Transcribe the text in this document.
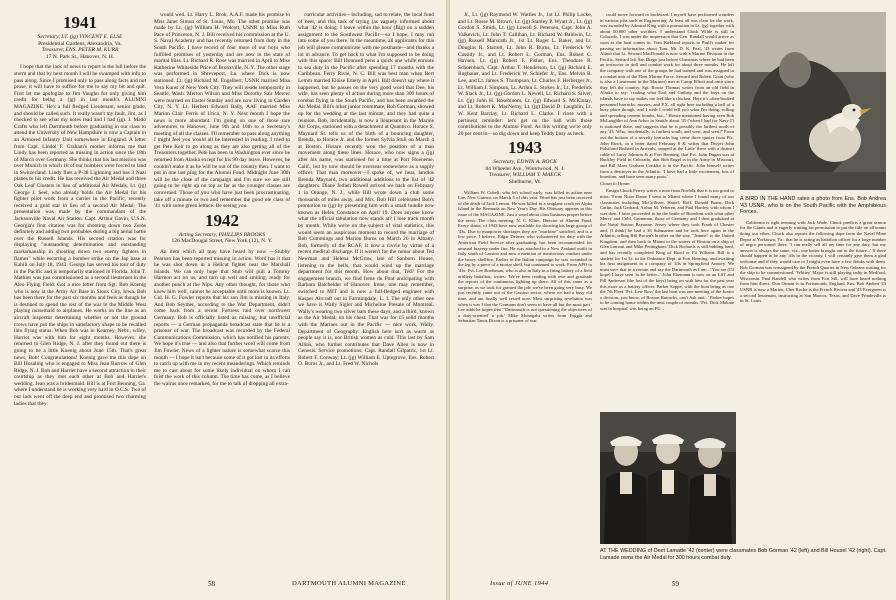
1941
Secretary, LT. (jg) VINCENT E. ELSE
Presidential Gardens, Alexandria, Va.
Treasurer, ENS. PETER M. KURR
17 N. Park St., Hanover, N. H.

I hope that the lack of news to report is the lull before the storm and that by next month I will be swamped with info to pass along. Since I promised only to pass along facts and not prose, it will have to suffice for me to say my bit and quit. First let me apologize to Jim Vaughn for only giving him credit for being a (jg) in last month's ALUMNI MAGAZINE. He's a full fledged Lieutenant, senior grade, and should be called such. It really wasn't my fault, Jim, as I checked to see what my notes read and I had (jg). J. Mado Crafts who left Dartmouth before graduating in our class to attend the University of New Hampshire is now a Captain in an Armored Infantry Unit somewhere in England. A letter from Capt. Lindol F. Graham's mother informs me that Lindy has been reported as missing in action since the 18th of March over Germany. She thinks that his last mission was over Munich in which 18 of our bombers were forced to land in Switzerland. Lindy flies a P-38 Lightning and has 3 Nazi planes to his credit. He has received the Air Medal and three Oak Leaf Clusters in lieu of additional Air Medals. Lt. (jg) George J. Seel, who already holds the Air Medal for his fighter pilot work from a carrier in the Pacific, recently received a gold star in lieu of a second Air Medal. The presentation was made by the commandant of the Jacksonville Naval Air Station. Capt. Arthur Gavin, U.S.N. Georgia's first citation was for shooting down two Zeros definitely and adding two probables during a big aerial battle over the Russell Islands. His second citation was for displaying "outstanding determination and outstanding marksmanship in shooting down two enemy fighters in flames" while escorting a bomber strike on the Jap base at Kahili on July 18, 1943. George has served his tour of duty in the Pacific and is temporarily stationed in Florida. John T. Mathies was just commissioned as a second lieutenant in the Aleo Flying Field. Got a nice letter from Sgt. Bob Koenig who is now at the Army Air Base in Sioux City, Iowa. Bob has been there for the past six months and feels as though he is destined to spend the rest of the war in the Middle West playing nursemaid to airplanes. He works on the line as an aircraft inspector determining whether or not the ground crews have put the ships in satisfactory shape to be recalled into flying status. When Bob was in Kearney, Nebr., wifey, Harriet was with him for eight months. However, she returned to Glen Ridge, N. J. after they found out there is going to be a little Koenig about June 15th. That's great news, Bob! Congratulations! Koenig gave me this dope on Bill Hosaling who is engaged to Miss Jean Burrow of Glen Ridge, N. J. Bob and Harriet have a second attraction in their courtship as they met each other at Bob and Harriet's wedding. Jean was a bridesmaid. Bill is at Fort Benning, Ga. where I understand he is working very hard in O.C.S. Two of our lads went off the deep end and promised two charming ladies that they

would wed. Lt. Harry L. Broh, A.A.F. made his promise to Miss Janet Simon of St. Louis, Mo. The other promise was made by Lt. (jg) William H. Wolcott, USNR to Miss Ruth Pace of Princeton, N. J. Bill received his commission at the U. S. Naval Academy and has recently returned from duty in the South Pacific. I have record of four more of our boys who fulfilled promises of yesterday and are now in the state of marital bliss. Lt. Richard R. Rose was married in April to Miss Katherine Whiteside Price of Bronxville, N. Y. The other stage was performed in Shreveport, La. where Dick is now stationed. Lt. (jg) Richard M. Engelbert, USNR married Miss Vera Kunst of New York City. They will reside temporarily in Seattle, Wash. Merton Wilson and Miss Dorothy Sair Mercer were married on Easter Sunday and are now living in Garden City, N. Y. Lt. Herbert Edward Bally, AAF married Miss Marion Clair Ferris of Utica, N. Y. Next month I hope the news is more abundant. I'm going on one of those rare adventures to Hanover, June 9th and 10th to a Secretary's meeting of all the classes. I'll remember to pass along anything I might feel you would all be interested in reading. I tried to get Pete Keir to go along as they are also getting all of the Treasurers together. Pete has been in Washington ever since he returned from Alaska except for his 90 day leave. However, he couldn't make it as he will be out of the country then. I want to put in one last plug for the Alumni Fund. Midnight June 30th will be the close of the campaign and I'm sure we are still going to be right up on top as far as the younger classes are concerned. Those of you who have just been procrastinating, take off a minute or two and remember the good ole class of '41 with some green lettuce. Be seeing you.

1942
Acting Secretary, PHILLIPS BROOKS
126 MacDougal Street, New York (12), N. Y.

An item which all may have heard by now —Stubby Pearson has been reported missing in action. Word has it that he was shot down in a Hellcat fighter near the Marshall Islands. We can only hope that Stub will pull a Tommy Harmon act on us, and turn up well and smiling, ready for another punch at the Nips. Any other thought, for those who knew him well, cannot be acceptable until more is known. Lt. Col. H. G. Fowler reports that his son Jim is missing in Italy. And Bob Seymer, according to the War Department, didn't come back from a recent Fortress raid over northwest Germany. Bob is officially listed as missing, but unofficial reports — a German propaganda broadcast state that he is a prisoner of war. The broadcast was recorded by the Federal Communications Commission, which has notified his parents. We hope it's true — and also that further word will come from Jim Fowler. News of a lighter nature is somewhat scarce this month — I hope it isn't because some of it got lost in its efforts to catch up with me in my recent meanderings. Which reminds me to cast about for some likely individual on whom I can foist the work of this column. The time has come, as I believe the walrus once remarked, for me to talk of dropping all extra-

curricular activities—including, sad to relate, the local fund of beer, and this task of trying (as vaguely informed about what '42 is doing. I leave within the hour (Big) on a sudden assignment to the Southwest Pacific—so I hope, I may run into some of you there. In the meantime, all applicants for this job will please communicate with me posthaste—and thanks a lot in advance. To get back to what I'm supposed to be doing with this space: Bill Hounsell pens a quick one while enroute to sea duty in the Pacific after spending 17 months with the Caribbean. Ferry Rivie, N. C. Bill was best man when Bert Lemm married Eloise Emery in April. Bill doesn't say where it happened, but he passes on the very good word that Dee, his wife, has seen plenty of action during more than 300 hours of combat flying in the South Pacific, and has been awarded the Air Medal. Bill's other junior roommate, Bob Gorman, showed up for the wedding at the last minute, and they had quite a reunion. Bob, incidentally, is now a lieutenant in the Marine Air Corps, stationed with a detachment at Quantico. Horace S. Maynard Sr. tells us of the birth of a bouncing daughter, Brenda, to Horace Jr. and the former Sylvia Stull on March 4 at Boston. Horace recently won the position of a man movement along these lines. Horace, who now signs a (jg) after his name, was stationed for a time at Port Hueneme, Calif., but by now should be overseas somewhere as a supply officer. That man moreover—I spoke of, we hear, landlos Brenda Maynard, two additional additions to the list of '42 daughters. Diane Jodieh Rowell arrived we back on February 1 in Orange, N. J., while Bill wrote down a club some thousands of miles away, and Mrs. Bob Hill celebrated Bob's promotion to (jg) by presenting him with a small bundle now known as Helen Constance on April 19. Does anyone know what the official tabulation now stands at? I lose track month by month. While we're on the subject of vital statistics, this would seem an auspicious moment to record the marriage of Bob Cummings and Marion Burns on March 26 in Albany. Bob, formerly of the RCAF, is now a civvie by virtue of a recent medical discharge. If it weren't for the rumor about Ted Newman and Helena McGraw, late of Sanborn House, listening to the bells, that would wind up the marriage department for this month. How about that, Ted? For the engagement branch, we find Irene du Pont anticipating with Barbara Balchelder of Hanover. Irene, one may remember, switched to MIT and is now a full-fledged engineer with Kasper Aircraft out in Farmingdale, L. I. The only other one we have is Wally Sigler and Micheline Presale of Montreal. Wally's wearing two silver bars these days, and a third, known as the Air Medal, on his chest. That was for 15 solid months with the Marines out in the Pacific — nice work, Wally. Department of Geography: English here isn't as warm as people say it is, nor British women as cold. This last by Sam Allins, who further contributes that Dave Allen is now in Genesis. Service promotions: Capt. Randall Gilpatric, 1st Lt. Robert F. Conway; Lt. (jg) William E. Uptegrove, Ens. Robert O. Burns Jr., and Lt. Fred W. Nichols

58	DARTMOUTH ALUMNI MAGAZINE

Jr., Lt. (jg) Raymond W. Wattles Jr., 1st Lt. Philip Locke, and Lt. Rosse M. Brown, Lt. (jg) Stanley P. Wyatt Jr., Lt. (jg) Gordon S. Smith, Lt. (jg) Lowell S. Petersen, Capt. John A. Valkevich, Lt. John T. Callihan, Lt. Richard W. Baldwin, Lt. (jg) Russell Marscath Jr., 1st Lt. Roger L. Baker, and Lt. Douglas R. Starrett, Lt. John R. Burns, Lt. Frederick W. Cassidy Jr., and Lt. Robert L. Gorman, Ens. Robert C. Havsen, Lt. (jg) Robert F. Fisher, Ens. Theodore R. Schoenbach, Capt. Arthur T. Henderson, Lt. (jg) Richard E. Rugbauer, and Lt. Frederick W. Schiefer Jr., Ens. Melvin R. Lee, and Lt. James S. Thompson, Lt. Charles F. Herberger Jr., Lt. William J. Simpson, Lt. Arthur L. Stokes Jr., Lt. Frederick W. Slack Jr., Lt. (jg) Gordon L. Newell, Lt. Richard S. Silver, Lt. (jg) John H. Rosebloom, Lt. (jg) Edward S. McKinlay, and Lt. Robert K. MacNerny, Lt. (jg) David D. Laughlin, Lt. W. Kent Barclay, Lt. Richard L. Clarke. I close with a pertinent reminder: let's get on the ball with those contributions to the Alumni Fund. As this writing we're only 20 per cent in—so dig down and keep Teddy busy as heck.

1943
Secretary, EDWIN A. ROCK
84 Wheeler Ave., Wrentwood, N. J.
Treasurer, WILLIAM T. MAECK
Shelburne, Vt.

William W. Cubelt, who left school early, was killed in action near Lae, New Guinea, on March 5 of this year. Word has just been received of the death of Jack Lemon. He was killed in a seaplane crash on Alpha Island in the Bermuda on New Year's Day. His Obituary appears in this issue of the MAGAZINE. Just a word about class business proper before the news: The class meeting, N. C. Kline, Director of Alumni Fund, Every donor, of 1943 have now available for showing his large group of '43s. Due to manpower shortages they are "machine" satisfied, and is a low price, I believe. Edgar Deimer, who volunteered for duty with the American Field Service after graduating, has been recommended for unusual bravery under fire. He was attached to a New Zealand outfit in Italy south of Cassino and now a mention of meritorious conduct under the heavy shellfire. Earlier in the Italian campaign he was wounded in the leg by a piece of a mortar shell, but continued to work. From APO to '43s: Pvt. Lee Brodsman, who is also in Italy in a firing battery of a field artillery battalion, writes: 'We've been reading with awe and gratitude the reports of the continuous fighting up there. All of this came as a surprise, as we took for granted the job; we've been going very busy. We just recently came out of the Cassino sector, where we had a busy old time, and am finally well rested now. Most surprising revelation was when it was I that the Germans don't seem to have all but the most part.' Lee adds he hopes that '"Dartmouth is not questioning the objectives of a duty-oriented' a job.' Mike Monogahi writes from Foggia and Sebastian Tanos Dixon is a prisoner of war.

could move forward or backward. I myself have performed wonders in various jobs such as Engineering. At least all was clear for the work, was awarded by Admiral King with a promotion to Lt. (jg) together with about 50,000 other worthies. I understand Chick Wilde is still in Colorado. I was under the impression that Gen. Randall would arrive as soon as the boat comes in. Tom Kirkland reports to Prull's maker for passing on information about Tom. Mr. D. K. Peal, '43 writes from Altnor that Lt. Seward MacDonald is now with a Marine Division in the Pacific. Seward left San Diego just before Christmas where he had been an instructor in drill and combat work for about three months. He left the company with one of the groups he had trained and was assigned to a combat unit of the Fleet Marine Force. Seward and Robert Grant (who is also a Lieutenant in the Marines) met at Camp Elliott and once since they left the country. Sgt. Rowie Thomas writes from an old field in Alaska to say: 'reading what Ezal and Guthrip and the boys on the islands have to say makes me feel like a chicken. Here it's often-booked personnel barracks, movies, and P.X. all right here including a bell of a busy place though, and I wish I could tell you what I'm doing, rolling and spreading cement bombs, but...' Howie mentioned having seen Bob McLaughlin of Ann Arbor in Seattle about '45 ('when I had for Navy I') is stationed there, and suggests that he is possibly the farthest north of any '43. Who, incidentally, is furthest south, and west, and west?' From out the bottom of a novelty barracks bag come three quotes from Pfc. John Rinck, in a letter dated February 8 & writes that Dwyer John Pulsifond Bedsted in Arrivals, camped at the Little' there with a distinct cable of Larry Johnson & at Fort Benning, that Pvt. John Dugan was at Buckley Field in Colorado, that Bob Engel is in the Army in Missouri, and Bill Marx Graham Conklin is in the Pacific. John himself writes from a destroyer in the Atlantic: 'I have had a little excitement, lots of boredom, and have seen many ports.'

Closer to Home:

Ensign Chuck Ferrey writes a note from Norfolk that it is too good to miss: 'From Notre Dame I went to Miami where I found many of our classmates including McCollister, Hartel, Hoff, Donald Barns, Dick Carlin, Jack Gerhard, Arthur M. Yeheren, and Paul Hartley, with whom I was then. I later proceeded to be the battle of Boredom with what other Mercy and Cold, Grumman, those of Germany and I then graduated at the Naval Station Bayonne, Jersey where they took Frank of Chester and, (I think) he had a 36 Submarine and he took here again in the Atlantic; telling Bill Brown's brother on the way, "Jeanne" to the United Kingdom, and then back to Miami to the waters of Boston on a ship of Glen Lamont and Mike Pettingham.' Dick Richards is still bidding hard, and has recently completed King of Hood or Fit Wiltzon. Bill is a student for 1st Lt. in the Ordnance Dept. at Fort Benning, and awaiting his first assignment in a company of '43s in Springfield Armory. We must save that in a certain and say the Dartmouth as I am...' You are (I'll hope) I have seen 'to be better...' John Elizmann is now on an LST and Pill Anderson (the last of the boys) being on with him for the past year this more as a battery officer, Parker Soppe, with the boat being as one the 7th Fleet. 'Pvt. Lew Ross' the last boat was one meeting of the Junior a division, you know, of Boston Barracks, can't Ask and...' Parker hopes to be coming home within the next couple of months. 'Pvt. Dick Malone was in hospital' was being an FU...

A BIRD IN THE HAND rates a photo from Ens. Bob Andrea '43 USNR, who is on the South Pacific with the Amphibious Forces.

California is right teeming with Jack Wade. Chuck predicts a great season for the Giants and is eagerly waiting for permission to put the title on all teams doing our vibes. Chuck also reports the following dope from the Naval Mine Depot at Yorktown, Va.: that he is acting as battalion officer for a large number of negro personnel there. 'I can really sell all my time for any duty, but my answer is always the same, viz., one better brought out in the future...' If there should happen to be any '43s in the vicinity, I will certainly give them a glad welcome and if they would care to I might even have a few drinks with them. Bob Gorman was reassigned by the French Quarter in New Orleans waiting for the ship to be commissioned. 'Whitey' Major is still playing radio in Medford, Wisconsin. Paul Randell who writes from Fort Sill, will have heard nothing from him direct. Don Orman is in Portsmouth, England, Ens. Bob Andrea '43 USNR is now a Marine, Chet Rocke is the French Riviera and '43 Evergreen is a second lieutenant, instructing at San Marcos, Texas, and Dave Prindeville is in St. Louis.

AT THE WEDDING of Deet Lamade '42 (center) were classmates Bob Gorman '42 (left) and Bill Housel '42 (right). Capt. Lamade owns the Air Medal for 300 hours combat duty.
Issue of JUNE 1944	59
